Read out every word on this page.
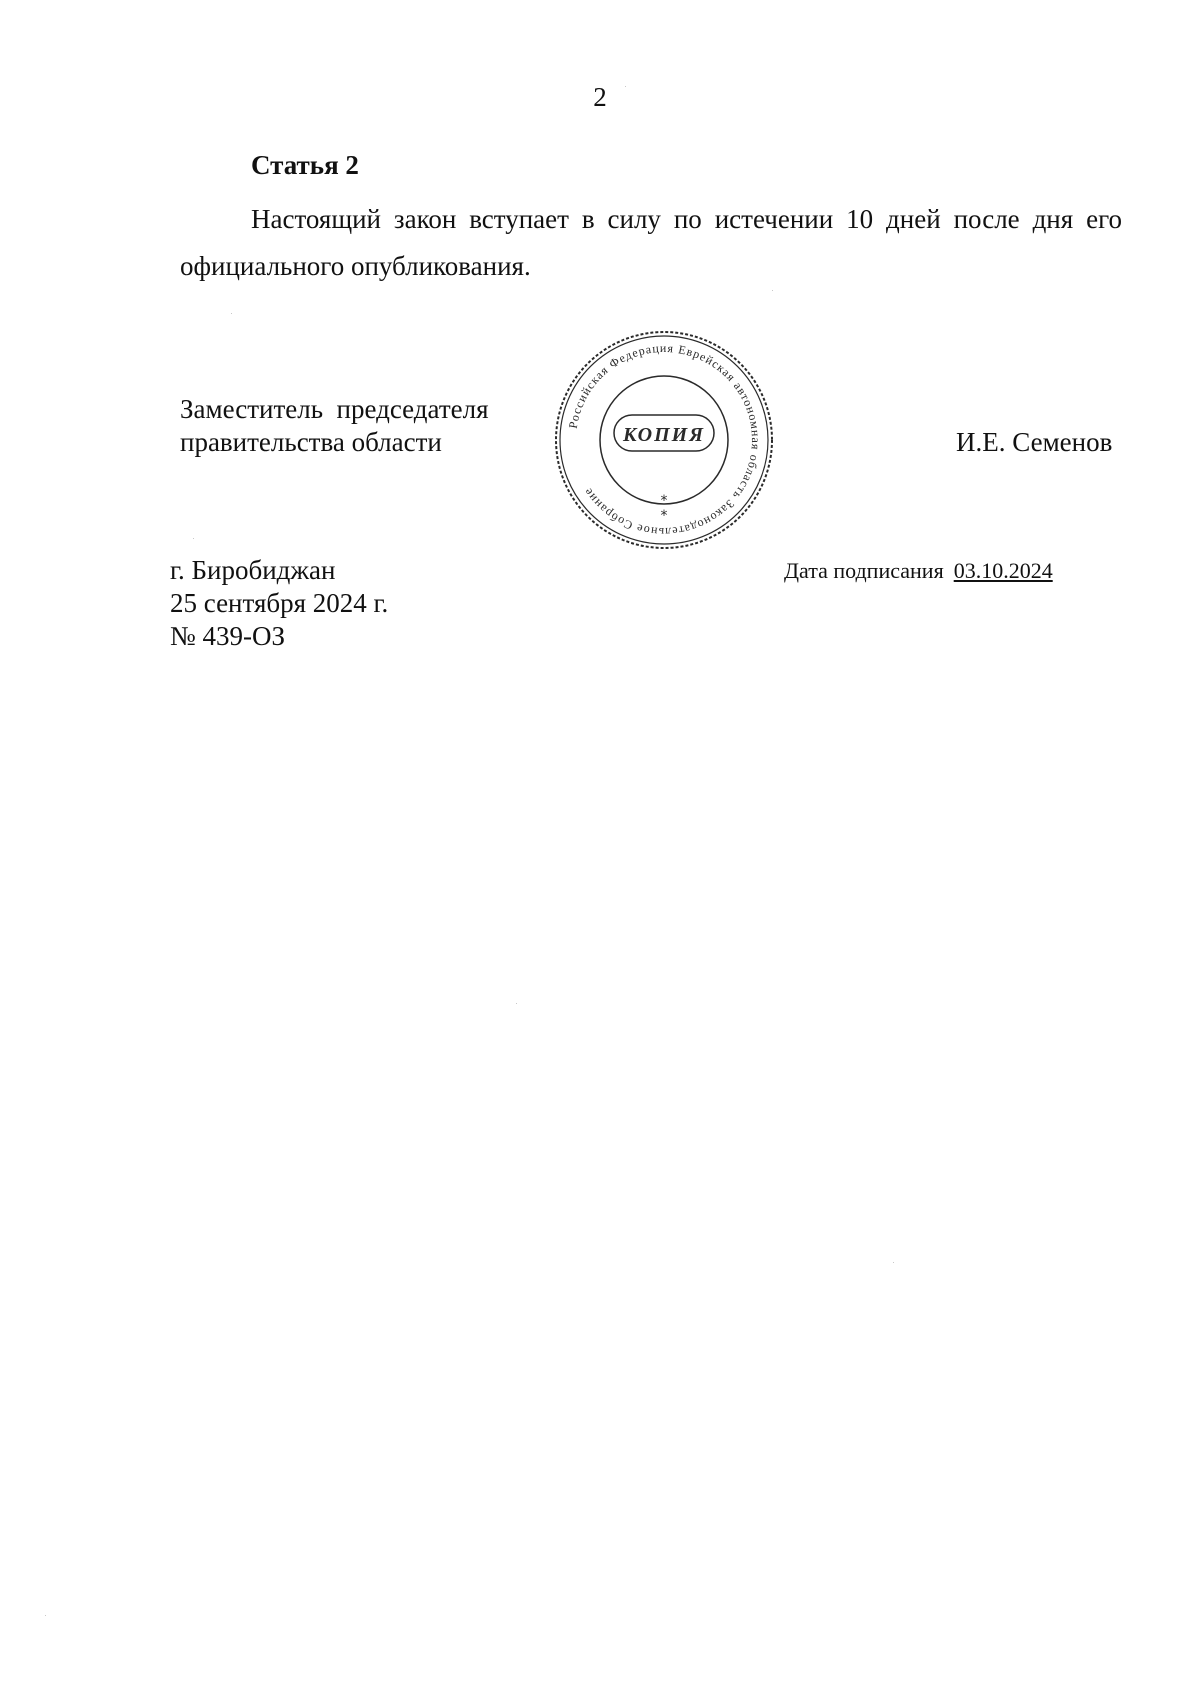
2
Статья 2
Настоящий закон вступает в силу по истечении 10 дней после дня его официального опубликования.
Заместитель  председателя
правительства области
Российская Федерация Еврейская автономная область Законодательное Собрание
КОПИЯ
*
*
И.Е. Семенов
г. Биробиджан
25 сентября 2024 г.
№ 439-ОЗ
Дата подписания 03.10.2024
